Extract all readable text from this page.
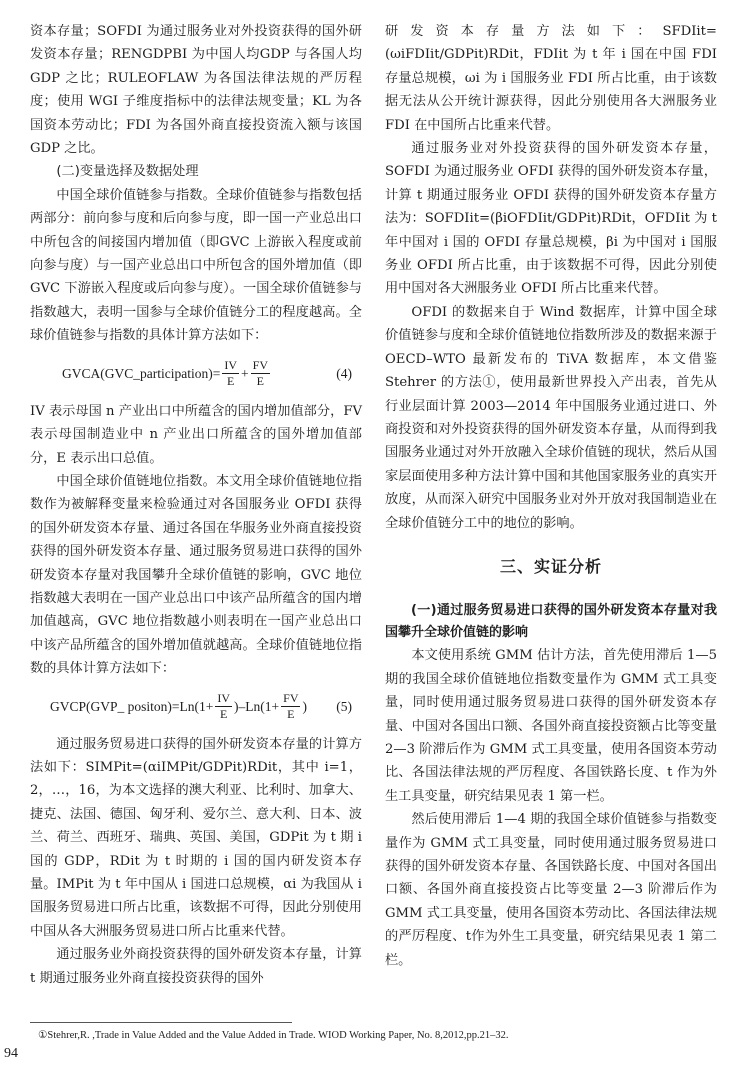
资本存量；SOFDI 为通过服务业对外投资获得的国外研发资本存量；RENGDPBI 为中国人均GDP 与各国人均 GDP 之比；RULEOFLAW 为各国法律法规的严厉程度；使用 WGI 子维度指标中的法律法规变量；KL 为各国资本劳动比；FDI 为各国外商直接投资流入额与该国 GDP 之比。

(二)变量选择及数据处理

中国全球价值链参与指数。全球价值链参与指数包括两部分：前向参与度和后向参与度，即一国一产业总出口中所包含的间接国内增加值（即GVC 上游嵌入程度或前向参与度）与一国产业总出口中所包含的国外增加值（即 GVC 下游嵌入程度或后向参与度）。一国全球价值链参与指数越大，表明一国参与全球价值链分工的程度越高。全球价值链参与指数的具体计算方法如下：

GVCA(GVC_participation)= $\frac{IV}{E} + \frac{FV}{E}$	(4)

IV 表示母国 n 产业出口中所蕴含的国内增加值部分，FV 表示母国制造业中 n 产业出口所蕴含的国外增加值部分，E 表示出口总值。

中国全球价值链地位指数。本文用全球价值链地位指数作为被解释变量来检验通过对各国服务业 OFDI 获得的国外研发资本存量、通过各国在华服务业外商直接投资获得的国外研发资本存量、通过服务贸易进口获得的国外研发资本存量对我国攀升全球价值链的影响，GVC 地位指数越大表明在一国产业总出口中该产品所蕴含的国内增加值越高，GVC 地位指数越小则表明在一国产业总出口中该产品所蕴含的国外增加值就越高。全球价值链地位指数的具体计算方法如下：

GVCP(GVP_ positon)=Ln(1+ $\frac{IV}{E} )-Ln(1+ \frac{FV}{E}$ ) (5)

通过服务贸易进口获得的国外研发资本存量的计算方法如下：SIMPit=(αiIMPit/GDPit)RDit，其中 i=1，2，…，16，为本文选择的澳大利亚、比利时、加拿大、捷克、法国、德国、匈牙利、爱尔兰、意大利、日本、波兰、荷兰、西班牙、瑞典、英国、美国，GDPit 为 t 期 i 国的 GDP，RDit 为 t 时期的 i 国的国内研发资本存量。IMPit 为 t 年中国从 i 国进口总规模，αi 为我国从 i 国服务贸易进口所占比重，该数据不可得，因此分别使用中国从各大洲服务贸易进口所占比重来代替。

通过服务业外商投资获得的国外研发资本存量，计算 t 期通过服务业外商直接投资获得的国外

研发资本存量方法如下：SFDIit=(ωiFDIit/GDPit)RDit，FDIit 为 t 年 i 国在中国 FDI 存量总规模，ωi 为 i 国服务业 FDI 所占比重，由于该数据无法从公开统计源获得，因此分别使用各大洲服务业 FDI 在中国所占比重来代替。

通过服务业对外投资获得的国外研发资本存量，SOFDI 为通过服务业 OFDI 获得的国外研发资本存量，计算 t 期通过服务业 OFDI 获得的国外研发资本存量方法为：SOFDIit=(βiOFDIit/GDPit)RDit，OFDIit 为 t 年中国对 i 国的 OFDI 存量总规模，βi 为中国对 i 国服务业 OFDI 所占比重，由于该数据不可得，因此分别使用中国对各大洲服务业 OFDI 所占比重来代替。

OFDI 的数据来自于 Wind 数据库，计算中国全球价值链参与度和全球价值链地位指数所涉及的数据来源于 OECD–WTO 最新发布的 TiVA 数据库，本文借鉴 Stehrer 的方法①，使用最新世界投入产出表，首先从行业层面计算 2003—2014 年中国服务业通过进口、外商投资和对外投资获得的国外研发资本存量，从而得到我国服务业通过对外开放融入全球价值链的现状，然后从国家层面使用多种方法计算中国和其他国家服务业的真实开放度，从而深入研究中国服务业对外开放对我国制造业在全球价值链分工中的地位的影响。

三、实证分析

(一)通过服务贸易进口获得的国外研发资本存量对我国攀升全球价值链的影响

本文使用系统 GMM 估计方法，首先使用滞后 1—5 期的我国全球价值链地位指数变量作为 GMM 式工具变量，同时使用通过服务贸易进口获得的国外研发资本存量、中国对各国出口额、各国外商直接投资额占比等变量 2—3 阶滞后作为 GMM 式工具变量，使用各国资本劳动比、各国法律法规的严厉程度、各国铁路长度、t 作为外生工具变量，研究结果见表 1 第一栏。

然后使用滞后 1—4 期的我国全球价值链参与指数变量作为 GMM 式工具变量，同时使用通过服务贸易进口获得的国外研发资本存量、各国铁路长度、中国对各国出口额、各国外商直接投资占比等变量 2—3 阶滞后作为 GMM 式工具变量，使用各国资本劳动比、各国法律法规的严厉程度、t作为外生工具变量，研究结果见表 1 第二栏。

①Stehrer,R. ,Trade in Value Added and the Value Added in Trade. WIOD Working Paper, No. 8,2012,pp.21–32.
94
